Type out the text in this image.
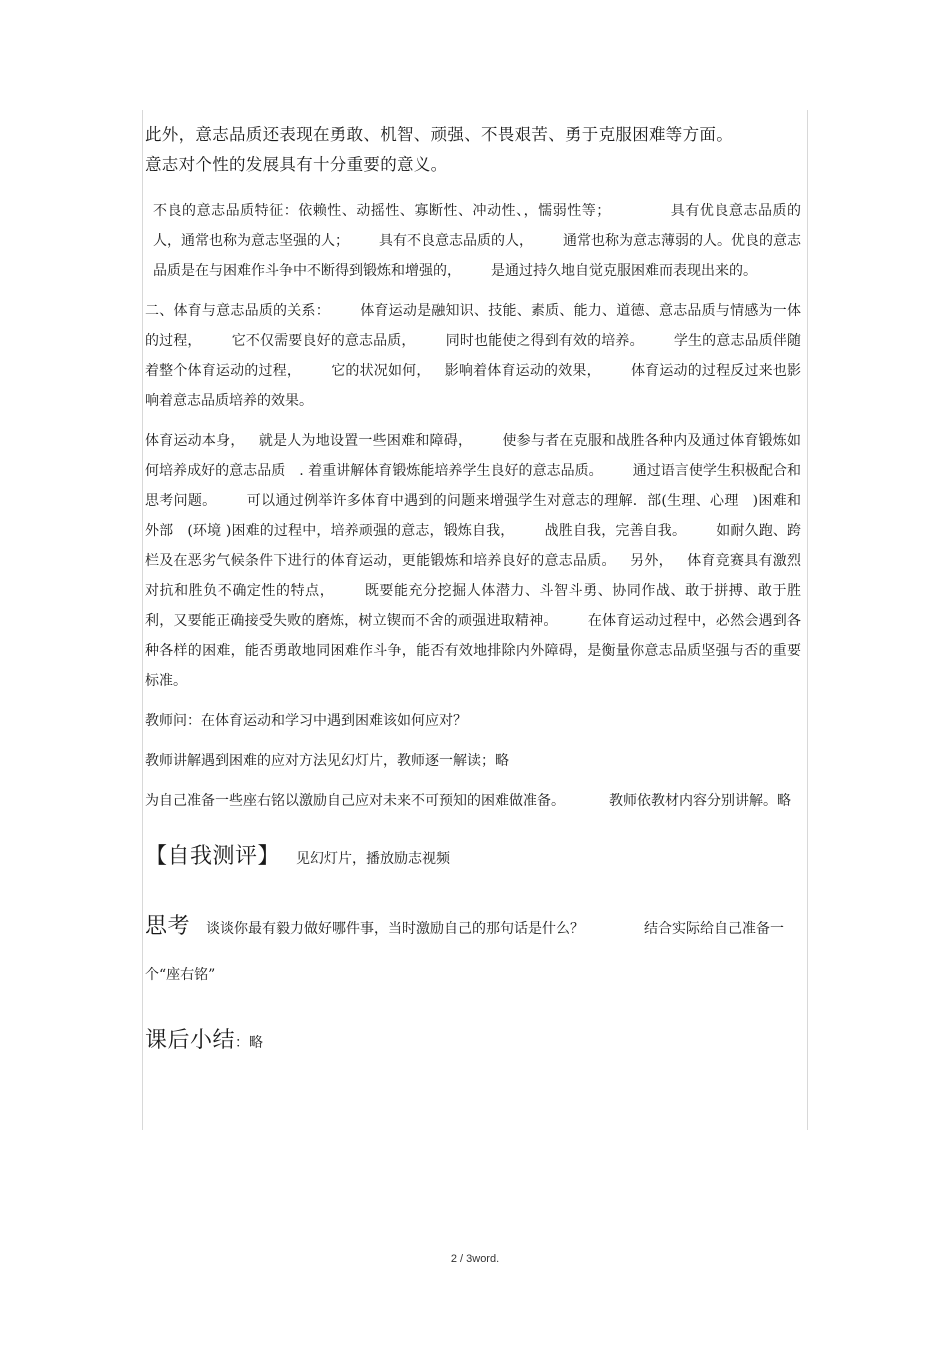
此外，意志品质还表现在勇敢、机智、顽强、不畏艰苦、勇于克服困难等方面。
意志对个性的发展具有十分重要的意义。

不良的意志品质特征：依赖性、动摇性、寡断性、冲动性、，懦弱性等；	具有优良意志品质的人，通常也称为意志坚强的人； 具有不良意志品质的人， 通常也称为意志薄弱的人。优良的意志品质是在与困难作斗争中不断得到锻炼和增强的， 是通过持久地自觉克服困难而表现出来的。

二、体育与意志品质的关系： 体育运动是融知识、技能、素质、能力、道德、意志品质与情感为一体的过程， 它不仅需要良好的意志品质， 同时也能使之得到有效的培养。 学生的意志品质伴随着整个体育运动的过程， 它的状况如何， 影响着体育运动的效果， 体育运动的过程反过来也影响着意志品质培养的效果。

体育运动本身， 就是人为地设置一些困难和障碍， 使参与者在克服和战胜各种内及通过体育锻炼如何培养成好的意志品质 . 着重讲解体育锻炼能培养学生良好的意志品质。 通过语言使学生积极配合和思考问题。 可以通过例举许多体育中遇到的问题来增强学生对意志的理解．部(生理、心理 )困难和外部 (环境 )困难的过程中，培养顽强的意志，锻炼自我， 战胜自我，完善自我。 如耐久跑、跨栏及在恶劣气候条件下进行的体育运动，更能锻炼和培养良好的意志品质。 另外， 体育竞赛具有激烈对抗和胜负不确定性的特点， 既要能充分挖掘人体潜力、斗智斗勇、协同作战、敢于拼搏、敢于胜利，又要能正确接受失败的磨炼，树立锲而不舍的顽强进取精神。 在体育运动过程中，必然会遇到各种各样的困难，能否勇敢地同困难作斗争，能否有效地排除内外障碍，是衡量你意志品质坚强与否的重要标准。

教师问：在体育运动和学习中遇到困难该如何应对？

教师讲解遇到困难的应对方法见幻灯片，教师逐一解读；略

为自己准备一些座右铭以激励自己应对未来不可预知的困难做准备。	教师依教材内容分别讲解。略

【自我测评】 见幻灯片，播放励志视频
思考 谈谈你最有毅力做好哪件事，当时激励自己的那句话是什么？	结合实际给自己准备一个“座右铭”
课后小结：略
2 / 3word.
